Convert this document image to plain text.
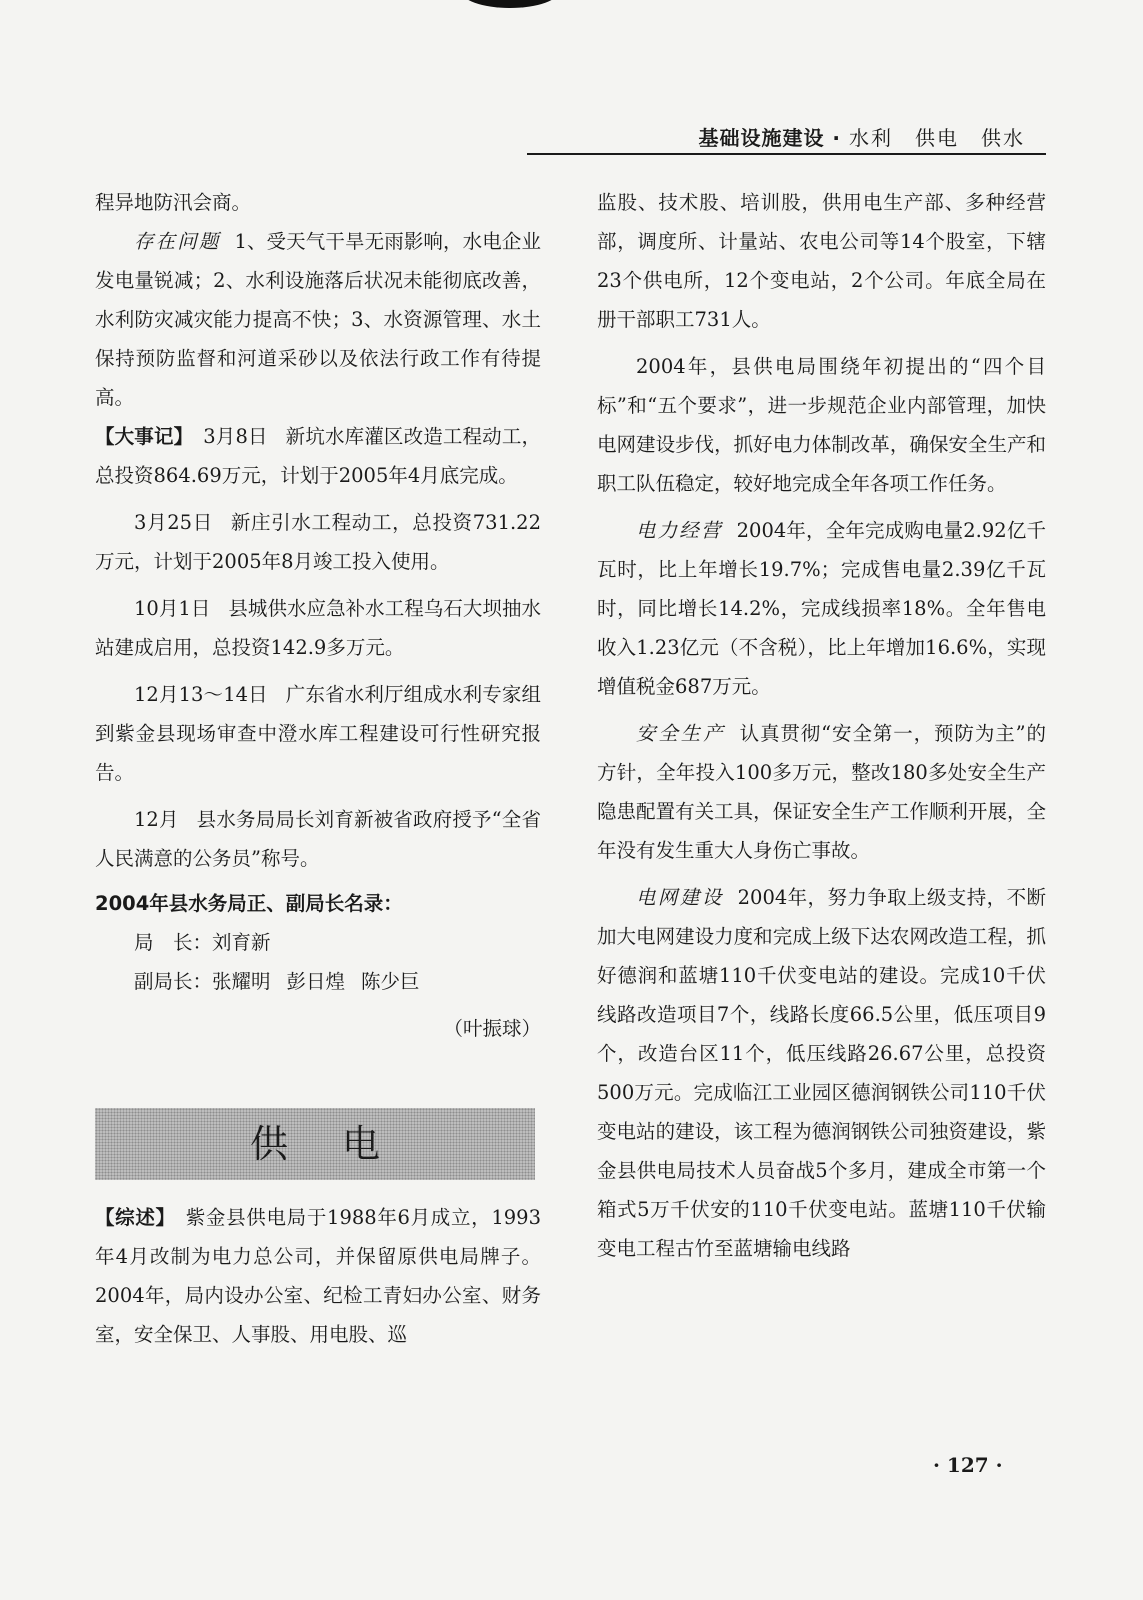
基础设施建设 · 水利　供电　供水

程异地防汛会商。

存在问题 1、受天气干旱无雨影响，水电企业发电量锐减；2、水利设施落后状况未能彻底改善，水利防灾减灾能力提高不快；3、水资源管理、水土保持预防监督和河道采砂以及依法行政工作有待提高。

【大事记】 3月8日 新坑水库灌区改造工程动工，总投资864.69万元，计划于2005年4月底完成。

3月25日 新庄引水工程动工，总投资731.22万元，计划于2005年8月竣工投入使用。

10月1日 县城供水应急补水工程乌石大坝抽水站建成启用，总投资142.9多万元。

12月13～14日 广东省水利厅组成水利专家组到紫金县现场审查中澄水库工程建设可行性研究报告。

12月 县水务局局长刘育新被省政府授予“全省人民满意的公务员”称号。

2004年县水务局正、副局长名录：
局　长：刘育新
副局长：张耀明 彭日煌 陈少巨
（叶振球）
供电

【综述】 紫金县供电局于1988年6月成立，1993年4月改制为电力总公司，并保留原供电局牌子。2004年，局内设办公室、纪检工青妇办公室、财务室，安全保卫、人事股、用电股、巡

监股、技术股、培训股，供用电生产部、多种经营部，调度所、计量站、农电公司等14个股室，下辖23个供电所，12个变电站，2个公司。年底全局在册干部职工731人。

2004年，县供电局围绕年初提出的“四个目标”和“五个要求”，进一步规范企业内部管理，加快电网建设步伐，抓好电力体制改革，确保安全生产和职工队伍稳定，较好地完成全年各项工作任务。

电力经营 2004年，全年完成购电量2.92亿千瓦时，比上年增长19.7%；完成售电量2.39亿千瓦时，同比增长14.2%，完成线损率18%。全年售电收入1.23亿元（不含税），比上年增加16.6%，实现增值税金687万元。

安全生产 认真贯彻“安全第一，预防为主”的方针，全年投入100多万元，整改180多处安全生产隐患配置有关工具，保证安全生产工作顺利开展，全年没有发生重大人身伤亡事故。

电网建设 2004年，努力争取上级支持，不断加大电网建设力度和完成上级下达农网改造工程，抓好德润和蓝塘110千伏变电站的建设。完成10千伏线路改造项目7个，线路长度66.5公里，低压项目9个，改造台区11个，低压线路26.67公里，总投资500万元。完成临江工业园区德润钢铁公司110千伏变电站的建设，该工程为德润钢铁公司独资建设，紫金县供电局技术人员奋战5个多月，建成全市第一个箱式5万千伏安的110千伏变电站。蓝塘110千伏输变电工程古竹至蓝塘输电线路

· 127 ·
